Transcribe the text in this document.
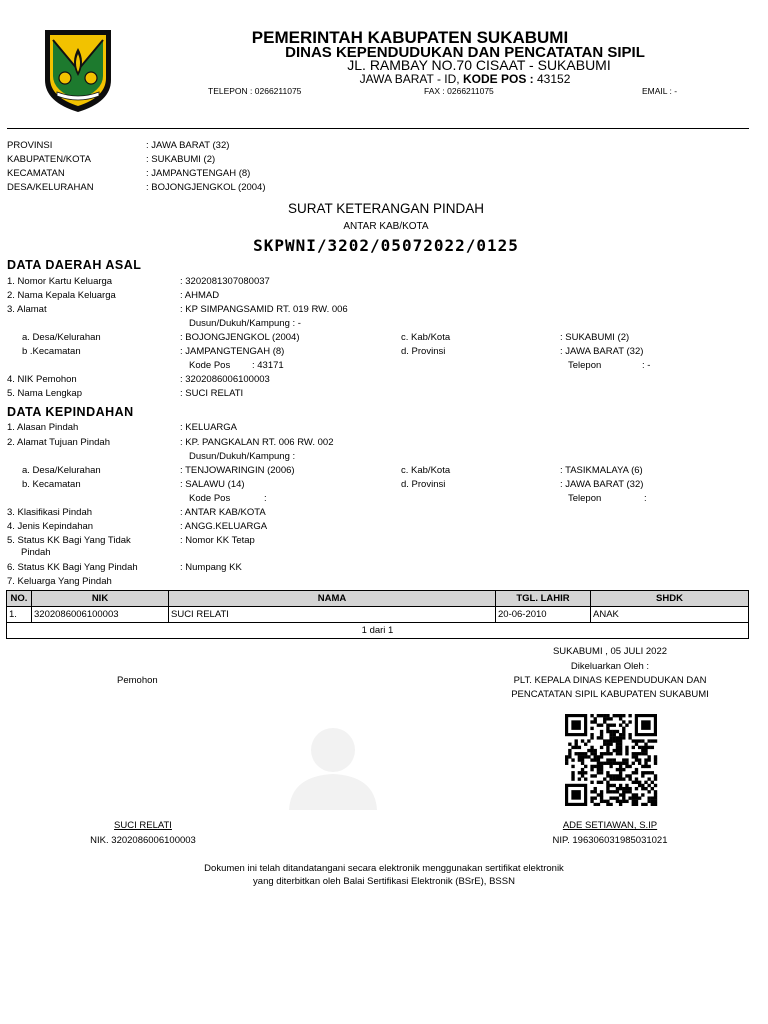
PEMERINTAH KABUPATEN SUKABUMI
DINAS KEPENDUDUKAN DAN PENCATATAN SIPIL
JL. RAMBAY NO.70 CISAAT - SUKABUMI
JAWA BARAT - ID, KODE POS : 43152
TELEPON : 0266211075	FAX : 0266211075	EMAIL : -
PROVINSI	: JAWA BARAT (32)
KABUPATEN/KOTA	: SUKABUMI (2)
KECAMATAN	: JAMPANGTENGAH (8)
DESA/KELURAHAN	: BOJONGJENGKOL (2004)
SURAT KETERANGAN PINDAH
ANTAR KAB/KOTA
SKPWNI/3202/05072022/0125
DATA DAERAH ASAL
1. Nomor Kartu Keluarga	: 3202081307080037
2. Nama Kepala Keluarga	: AHMAD
3. Alamat	: KP SIMPANGSAMID RT. 019 RW. 006
Dusun/Dukuh/Kampung : -
a. Desa/Kelurahan	: BOJONGJENGKOL (2004)	c. Kab/Kota	: SUKABUMI (2)
b .Kecamatan	: JAMPANGTENGAH (8)	d. Provinsi	: JAWA BARAT (32)
Kode Pos : 43171	Telepon	: -
4. NIK Pemohon	: 3202086006100003
5. Nama Lengkap	: SUCI RELATI
DATA KEPINDAHAN
1. Alasan Pindah	: KELUARGA
2. Alamat Tujuan Pindah	: KP. PANGKALAN RT. 006 RW. 002
Dusun/Dukuh/Kampung :
a. Desa/Kelurahan	: TENJOWARINGIN (2006)	c. Kab/Kota	: TASIKMALAYA (6)
b. Kecamatan	: SALAWU (14)	d. Provinsi	: JAWA BARAT (32)
Kode Pos	:	Telepon	:
3. Klasifikasi Pindah	: ANTAR KAB/KOTA
4. Jenis Kepindahan	: ANGG.KELUARGA
5. Status KK Bagi Yang Tidak
Pindah
: Nomor KK Tetap
6. Status KK Bagi Yang Pindah	: Numpang KK
7. Keluarga Yang Pindah
NO.	NIK	NAMA	TGL. LAHIR	SHDK
1.	3202086006100003	SUCI RELATI	20-06-2010	ANAK
1 dari 1				
SUKABUMI , 05 JULI 2022
Dikeluarkan Oleh :
PLT. KEPALA DINAS KEPENDUDUKAN DAN
PENCATATAN SIPIL KABUPATEN SUKABUMI
Pemohon
SUCI RELATI
NIK. 3202086006100003
ADE SETIAWAN, S.IP
NIP. 196306031985031021
Dokumen ini telah ditandatangani secara elektronik menggunakan sertifikat elektronik
yang diterbitkan oleh Balai Sertifikasi Elektronik (BSrE), BSSN
